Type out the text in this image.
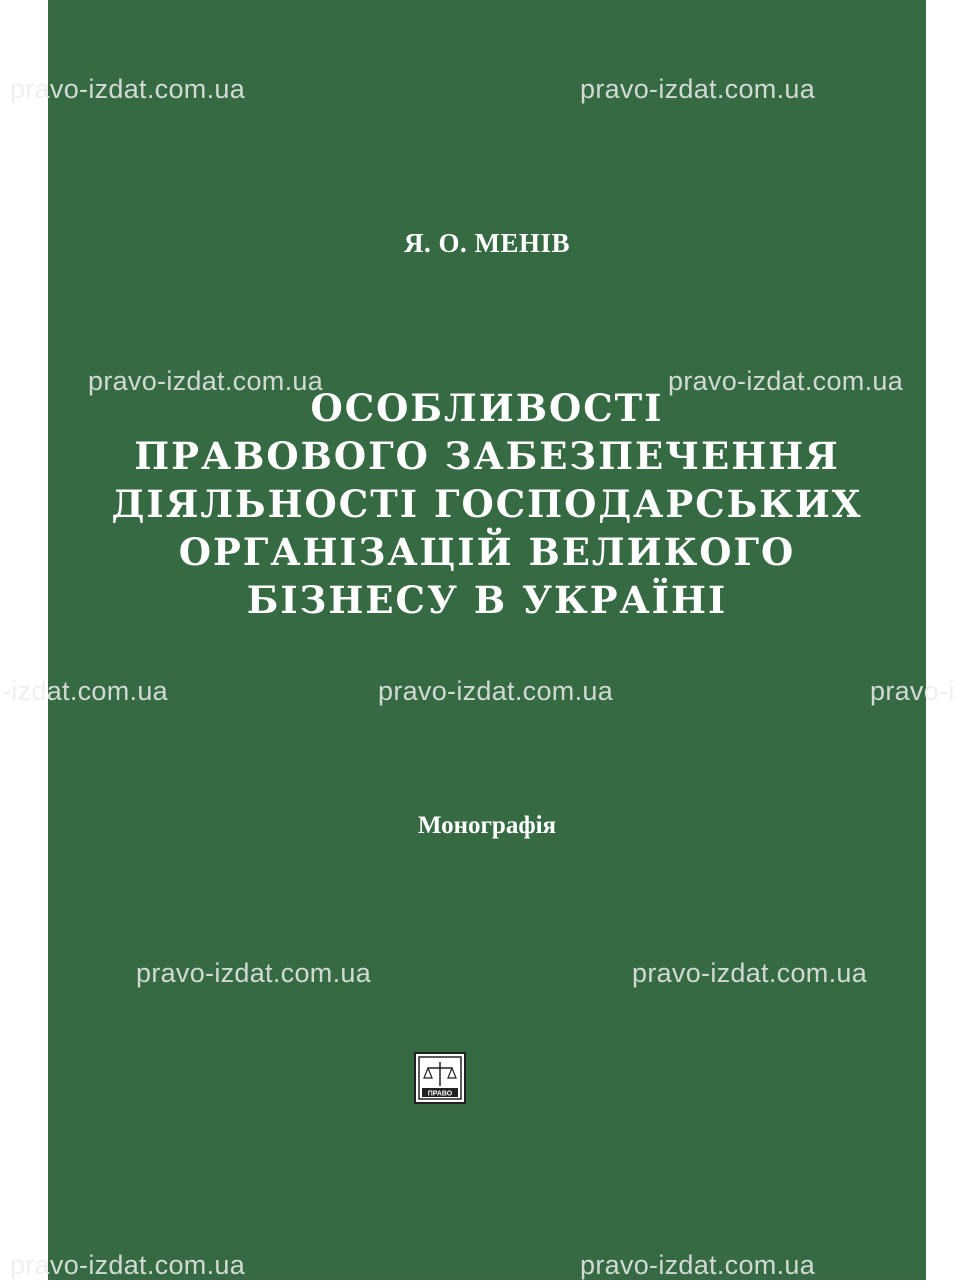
Я. О. МЕНІВ
ОСОБЛИВОСТІ
ПРАВОВОГО ЗАБЕЗПЕЧЕННЯ
ДІЯЛЬНОСТІ ГОСПОДАРСЬКИХ
ОРГАНІЗАЦІЙ ВЕЛИКОГО
БІЗНЕСУ В УКРАЇНІ
Монографія
ПРАВО
pravo-izdat.com.ua	pravo-izdat.com.ua
pravo-izdat.com.ua	pravo-izdat.com.ua
-izdat.com.ua	pravo-izdat.com.ua	pravo-i
pravo-izdat.com.ua	pravo-izdat.com.ua
pravo-izdat.com.ua	pravo-izdat.com.ua
